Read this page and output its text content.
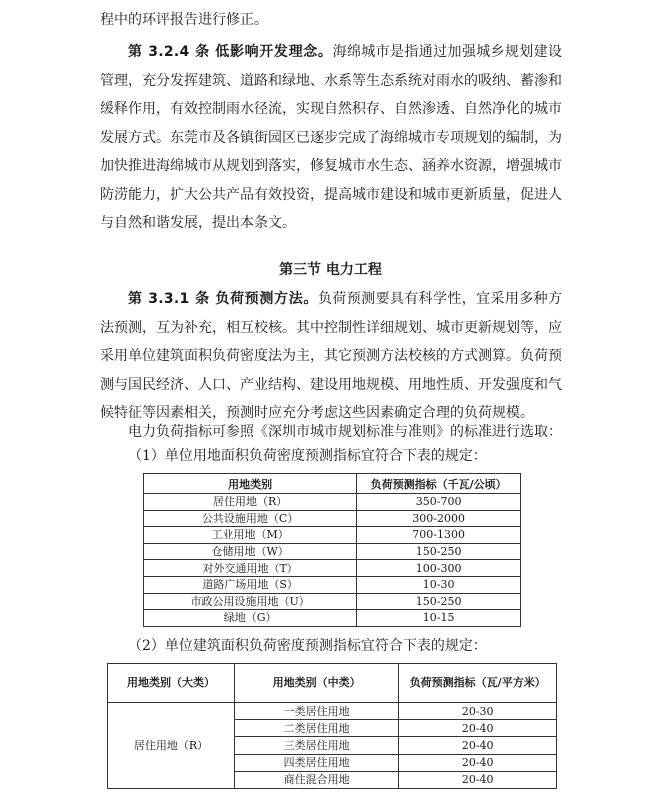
程中的环评报告进行修正。

第 3.2.4 条 低影响开发理念。海绵城市是指通过加强城乡规划建设管理，充分发挥建筑、道路和绿地、水系等生态系统对雨水的吸纳、蓄渗和缓释作用，有效控制雨水径流，实现自然积存、自然渗透、自然净化的城市发展方式。东莞市及各镇街园区已逐步完成了海绵城市专项规划的编制，为加快推进海绵城市从规划到落实，修复城市水生态、涵养水资源，增强城市防涝能力，扩大公共产品有效投资，提高城市建设和城市更新质量，促进人与自然和谐发展，提出本条文。

第三节 电力工程

第 3.3.1 条 负荷预测方法。负荷预测要具有科学性，宜采用多种方法预测，互为补充，相互校核。其中控制性详细规划、城市更新规划等，应采用单位建筑面积负荷密度法为主，其它预测方法校核的方式测算。负荷预测与国民经济、人口、产业结构、建设用地规模、用地性质、开发强度和气候特征等因素相关，预测时应充分考虑这些因素确定合理的负荷规模。

电力负荷指标可参照《深圳市城市规划标准与准则》的标准进行选取：

（1）单位用地面积负荷密度预测指标宜符合下表的规定：

用地类别	负荷预测指标（千瓦/公顷）
居住用地（R）	350-700
公共设施用地（C）	300-2000
工业用地（M）	700-1300
仓储用地（W）	150-250
对外交通用地（T）	100-300
道路广场用地（S）	10-30
市政公用设施用地（U）	150-250
绿地（G）	10-15

（2）单位建筑面积负荷密度预测指标宜符合下表的规定：

用地类别（大类）	用地类别（中类）	负荷预测指标（瓦/平方米）
居住用地（R）	一类居住用地	20-30
	二类居住用地	20-40
	三类居住用地	20-40
	四类居住用地	20-40
	商住混合用地	20-40
